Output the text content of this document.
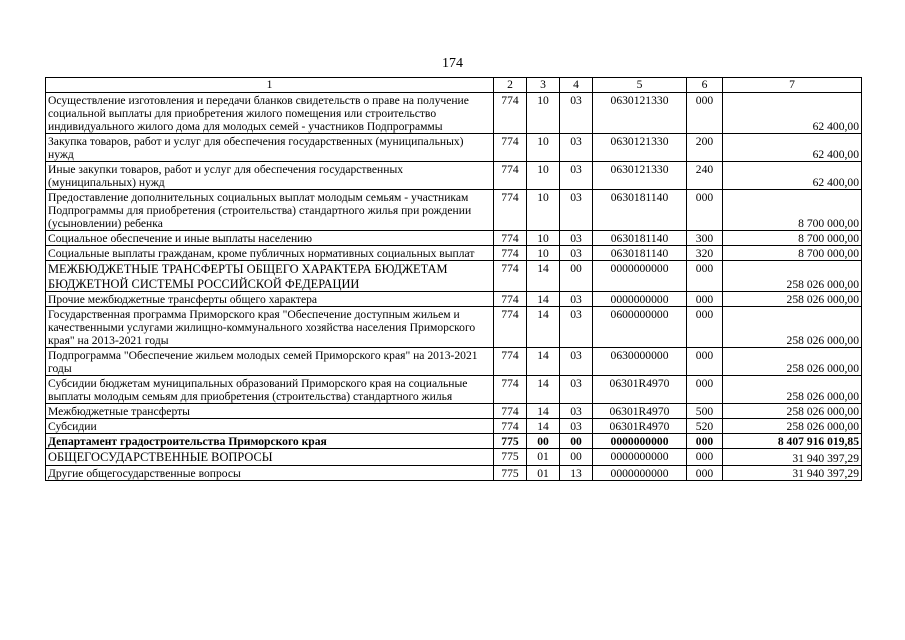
174
1	2	3	4	5	6	7
Осуществление изготовления и передачи бланков свидетельств о праве на получение социальной выплаты для приобретения жилого помещения или строительство индивидуального жилого дома для молодых семей - участников Подпрограммы	774	10	03	0630121330	000	62 400,00
Закупка товаров, работ и услуг для обеспечения государственных (муниципальных) нужд	774	10	03	0630121330	200	62 400,00
Иные закупки товаров, работ и услуг для обеспечения государственных (муниципальных) нужд	774	10	03	0630121330	240	62 400,00
Предоставление дополнительных социальных выплат молодым семьям - участникам Подпрограммы для приобретения (строительства) стандартного жилья при рождении (усыновлении) ребенка	774	10	03	0630181140	000	8 700 000,00
Социальное обеспечение и иные выплаты населению	774	10	03	0630181140	300	8 700 000,00
Социальные выплаты гражданам, кроме публичных нормативных социальных выплат	774	10	03	0630181140	320	8 700 000,00
МЕЖБЮДЖЕТНЫЕ ТРАНСФЕРТЫ ОБЩЕГО ХАРАКТЕРА БЮДЖЕТАМ БЮДЖЕТНОЙ СИСТЕМЫ РОССИЙСКОЙ ФЕДЕРАЦИИ	774	14	00	0000000000	000	258 026 000,00
Прочие межбюджетные трансферты общего характера	774	14	03	0000000000	000	258 026 000,00
Государственная программа Приморского края "Обеспечение доступным жильем и качественными услугами жилищно-коммунального хозяйства населения Приморского края" на 2013-2021 годы	774	14	03	0600000000	000	258 026 000,00
Подпрограмма "Обеспечение жильем молодых семей Приморского края" на 2013-2021 годы	774	14	03	0630000000	000	258 026 000,00
Субсидии бюджетам муниципальных образований Приморского края на социальные выплаты молодым семьям для приобретения (строительства) стандартного жилья	774	14	03	06301R4970	000	258 026 000,00
Межбюджетные трансферты	774	14	03	06301R4970	500	258 026 000,00
Субсидии	774	14	03	06301R4970	520	258 026 000,00
Департамент градостроительства Приморского края	775	00	00	0000000000	000	8 407 916 019,85
ОБЩЕГОСУДАРСТВЕННЫЕ ВОПРОСЫ	775	01	00	0000000000	000	31 940 397,29
Другие общегосударственные вопросы	775	01	13	0000000000	000	31 940 397,29
